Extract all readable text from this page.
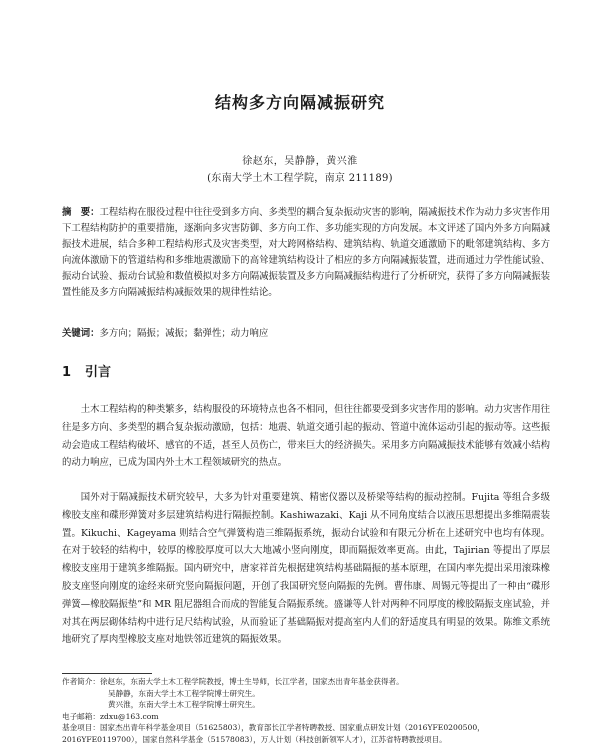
结构多方向隔减振研究
徐赵东，吴静静，黄兴淮
(东南大学土木工程学院，南京 211189)
摘　要：工程结构在服役过程中往往受到多方向、多类型的耦合复杂振动灾害的影响，隔减振技术作为动力多灾害作用下工程结构防护的重要措施，逐渐向多灾害防御、多方向工作、多功能实现的方向发展。本文评述了国内外多方向隔减振技术进展，结合多种工程结构形式及灾害类型，对大跨网格结构、建筑结构、轨道交通激励下的毗邻建筑结构、多方向流体激励下的管道结构和多维地震激励下的高耸建筑结构设计了相应的多方向隔减振装置，进而通过力学性能试验、振动台试验、振动台试验和数值模拟对多方向隔减振装置及多方向隔减振结构进行了分析研究，获得了多方向隔减振装置性能及多方向隔减振结构减振效果的规律性结论。
关键词：多方向；隔振；减振；黏弹性；动力响应
1 引言

土木工程结构的种类繁多，结构服役的环境特点也各不相同，但往往都要受到多灾害作用的影响。动力灾害作用往往是多方向、多类型的耦合复杂振动激励，包括：地震、轨道交通引起的振动、管道中流体运动引起的振动等。这些振动会造成工程结构破坏、感官的不适，甚至人员伤亡，带来巨大的经济损失。采用多方向隔减振技术能够有效减小结构的动力响应，已成为国内外土木工程领域研究的热点。

国外对于隔减振技术研究较早，大多为针对重要建筑、精密仪器以及桥梁等结构的振动控制。Fujita 等组合多级橡胶支座和碟形弹簧对多层建筑结构进行隔振控制。Kashiwazaki、Kaji 从不同角度结合以液压思想提出多维隔震装置。Kikuchi、Kageyama 则结合空气弹簧构造三维隔振系统，振动台试验和有限元分析在上述研究中也均有体现。在对于较轻的结构中，较厚的橡胶厚度可以大大地减小竖向刚度，即而隔振效率更高。由此，Tajirian 等提出了厚层橡胶支座用于建筑多维隔振。国内研究中，唐家祥首先根据建筑结构基础隔振的基本原理，在国内率先提出采用滚珠橡胶支座竖向刚度的途经来研究竖向隔振问题，开创了我国研究竖向隔振的先例。曹伟康、周锡元等提出了一种由“碟形弹簧—橡胶隔振垫”和 MR 阻尼器组合而成的智能复合隔振系统。盛谦等人针对两种不同厚度的橡胶隔振支座试验，并对其在两层砌体结构中进行足尺结构试验，从而验证了基础隔振对提高室内人们的舒适度具有明显的效果。陈维文系统地研究了厚肉型橡胶支座对地铁邻近建筑的隔振效果。

作者简介：徐赵东，东南大学土木工程学院教授，博士生导师，长江学者，国家杰出青年基金获得者。
吴静静，东南大学土木工程学院博士研究生。
黄兴淮，东南大学土木工程学院博士研究生。
电子邮箱：zdxu@163.com
基金项目：国家杰出青年科学基金项目（51625803），教育部长江学者特聘教授、国家重点研发计划（2016YFE0200500，2016YFE0119700），国家自然科学基金（51578083），万人计划（科技创新领军人才），江苏省特聘教授项目。
